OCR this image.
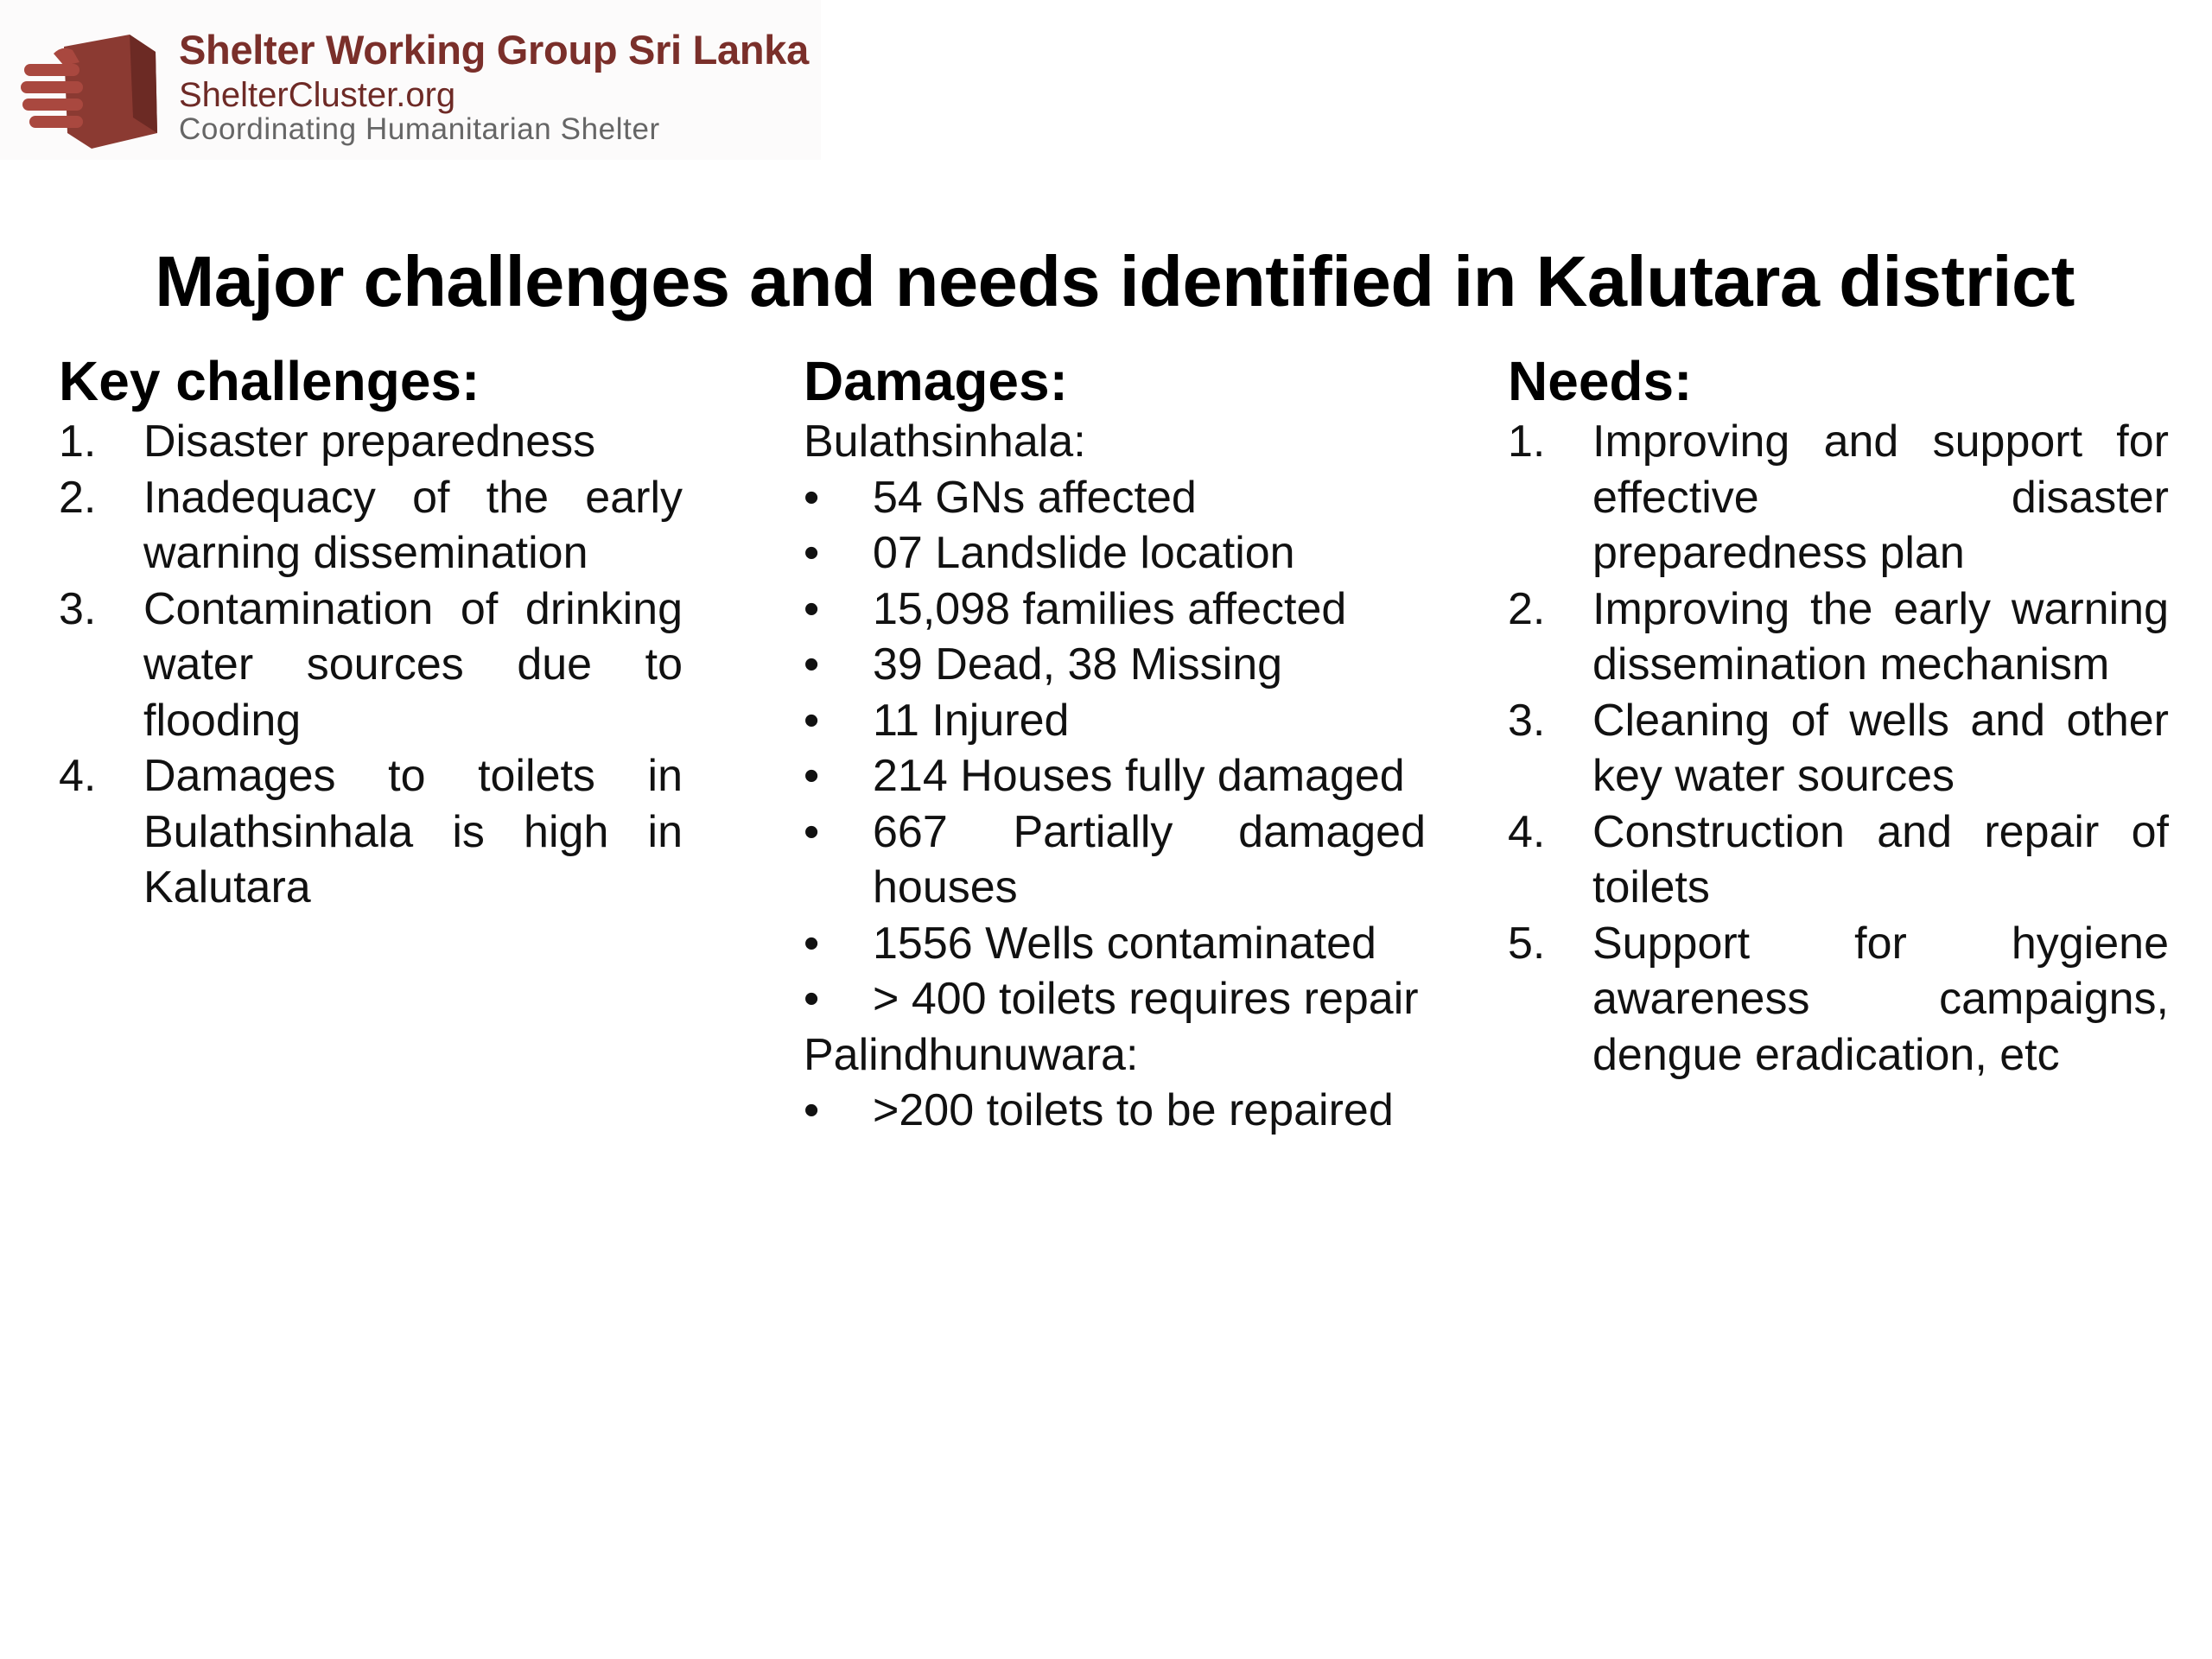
Shelter Working Group Sri Lanka
ShelterCluster.org
Coordinating Humanitarian Shelter
Major challenges and needs identified in Kalutara district
Key challenges:
1. Disaster preparedness
2. Inadequacy of the early warning dissemination
3. Contamination of drinking water sources due to flooding
4. Damages to toilets in Bulathsinhala is high in Kalutara
Damages:
Bulathsinhala:
• 54 GNs affected
• 07 Landslide location
• 15,098 families affected
• 39 Dead, 38 Missing
• 11 Injured
• 214 Houses fully damaged
• 667 Partially damaged houses
• 1556 Wells contaminated
• > 400 toilets requires repair
Palindhunuwara:
• >200 toilets to be repaired
Needs:
1. Improving and support for effective disaster preparedness plan
2. Improving the early warning dissemination mechanism
3. Cleaning of wells and other key water sources
4. Construction and repair of toilets
5. Support for hygiene awareness campaigns, dengue eradication, etc
